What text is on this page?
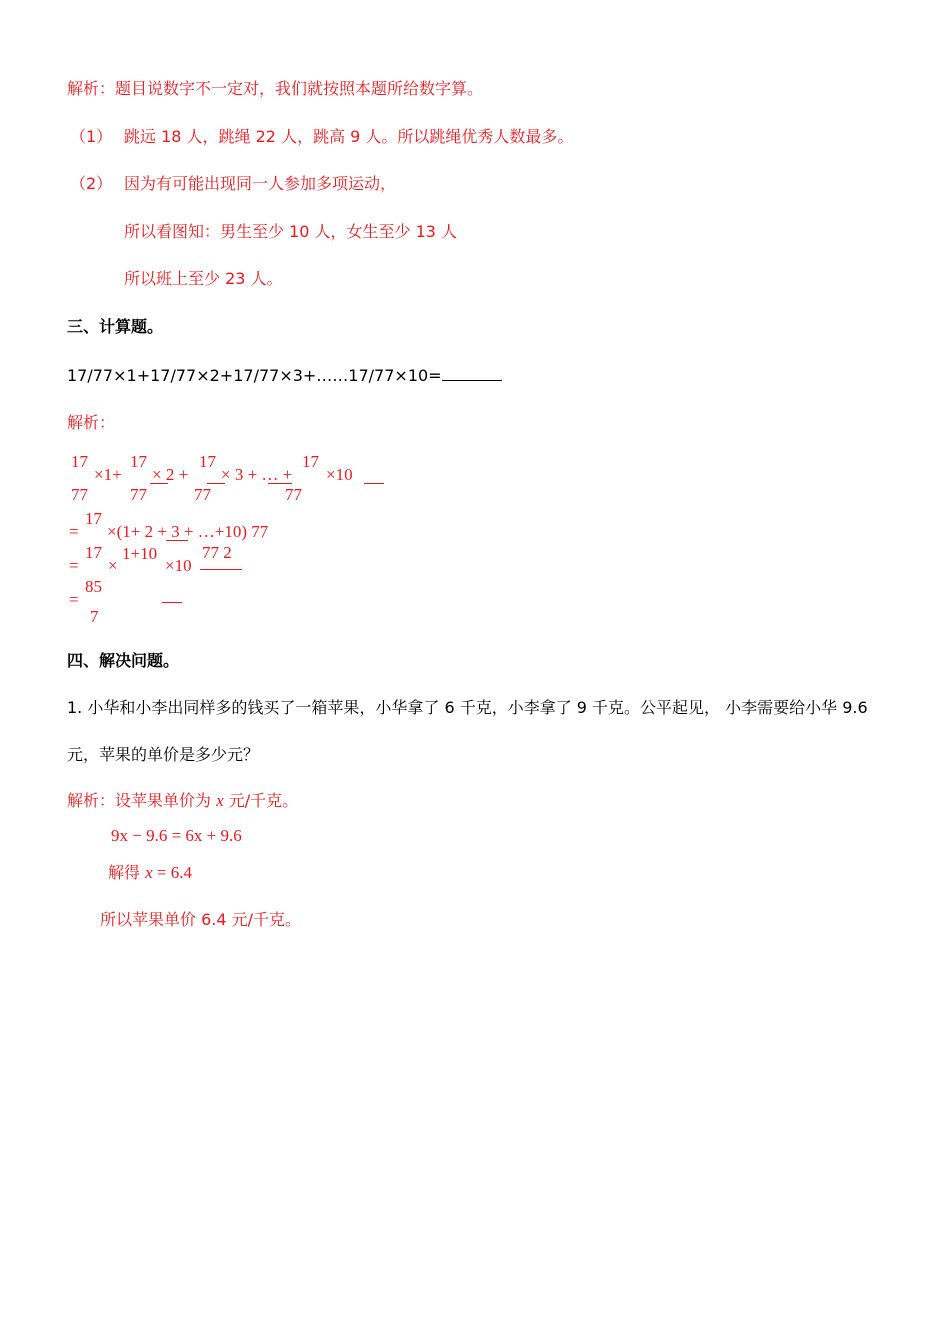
解析：题目说数字不一定对，我们就按照本题所给数字算。
（1） 跳远 18 人，跳绳 22 人，跳高 9 人。所以跳绳优秀人数最多。
（2） 因为有可能出现同一人参加多项运动，
所以看图知：男生至少 10 人，女生至少 13 人
所以班上至少 23 人。
三、计算题。
17/77×1+17/77×2+17/77×3+……17/77×10=
解析：
17
×1+
17
× 2 +
17
× 3 + … +
17
×10
77 77	77	77
=
17
×(1+ 2 + 3 + …+10) 77
=
17
×
1+10
×10
77 2
=
85
7
四、解决问题。
1. 小华和小李出同样多的钱买了一箱苹果，小华拿了 6 千克，小李拿了 9 千克。公平起见， 小李需要给小华 9.6
元，苹果的单价是多少元？
解析：设苹果单价为 x 元/千克。
9x − 9.6 = 6x + 9.6
解得 x = 6.4
所以苹果单价 6.4 元/千克。
